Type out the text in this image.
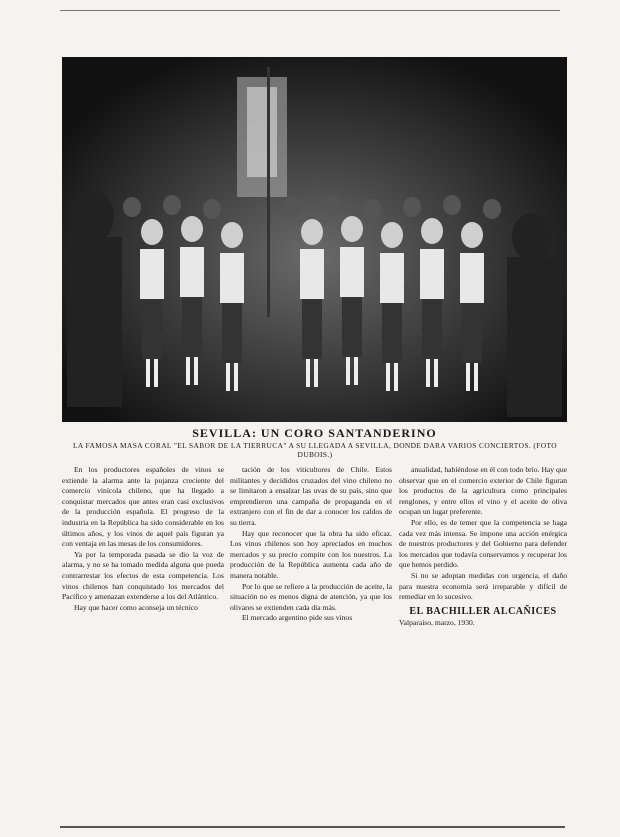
SEVILLA: UN CORO SANTANDERINO
LA FAMOSA MASA CORAL "EL SABOR DE LA TIERRUCA" A SU LLEGADA A SEVILLA, DONDE DARA VARIOS CONCIERTOS. (FOTO DUBOIS.)

En los productores españoles de vinos se extiende la alarma ante la pujanza creciente del comercio vinícola chileno, que ha llegado a conquistar mercados que antes eran casi exclusivos de la producción española. El progreso de la industria en la República ha sido considerable en los últimos años, y los vinos de aquel país figuran ya con ventaja en las mesas de los consumidores.

Ya por la temporada pasada se dio la voz de alarma, y no se ha tomado medida alguna que pueda contrarrestar los efectos de esta competencia. Los vinos chilenos han conquistado los mercados del Pacífico y amenazan extenderse a los del Atlántico.

Hay que hacer como aconseja un técnico

tación de los viticultores de Chile. Estos militantes y decididos cruzados del vino chileno no se limitaron a ensalzar las uvas de su país, sino que emprendieron una campaña de propaganda en el extranjero con el fin de dar a conocer los caldos de su tierra.

Hay que reconocer que la obra ha sido eficaz. Los vinos chilenos son hoy apreciados en muchos mercados y su precio compite con los nuestros. La producción de la República aumenta cada año de manera notable.

Por lo que se refiere a la producción de aceite, la situación no es menos digna de atención, ya que los olivares se extienden cada día más.

El mercado argentino pide sus vinos

anualidad, habiéndose en él con todo brío. Hay que observar que en el comercio exterior de Chile figuran los productos de la agricultura como principales renglones, y entre ellos el vino y el aceite de oliva ocupan un lugar preferente.

Por ello, es de temer que la competencia se haga cada vez más intensa. Se impone una acción enérgica de nuestros productores y del Gobierno para defender los mercados que todavía conservamos y recuperar los que hemos perdido.

Si no se adoptan medidas con urgencia, el daño para nuestra economía será irreparable y difícil de remediar en lo sucesivo.

EL BACHILLER ALCAÑICES
Valparaíso, marzo, 1930.
